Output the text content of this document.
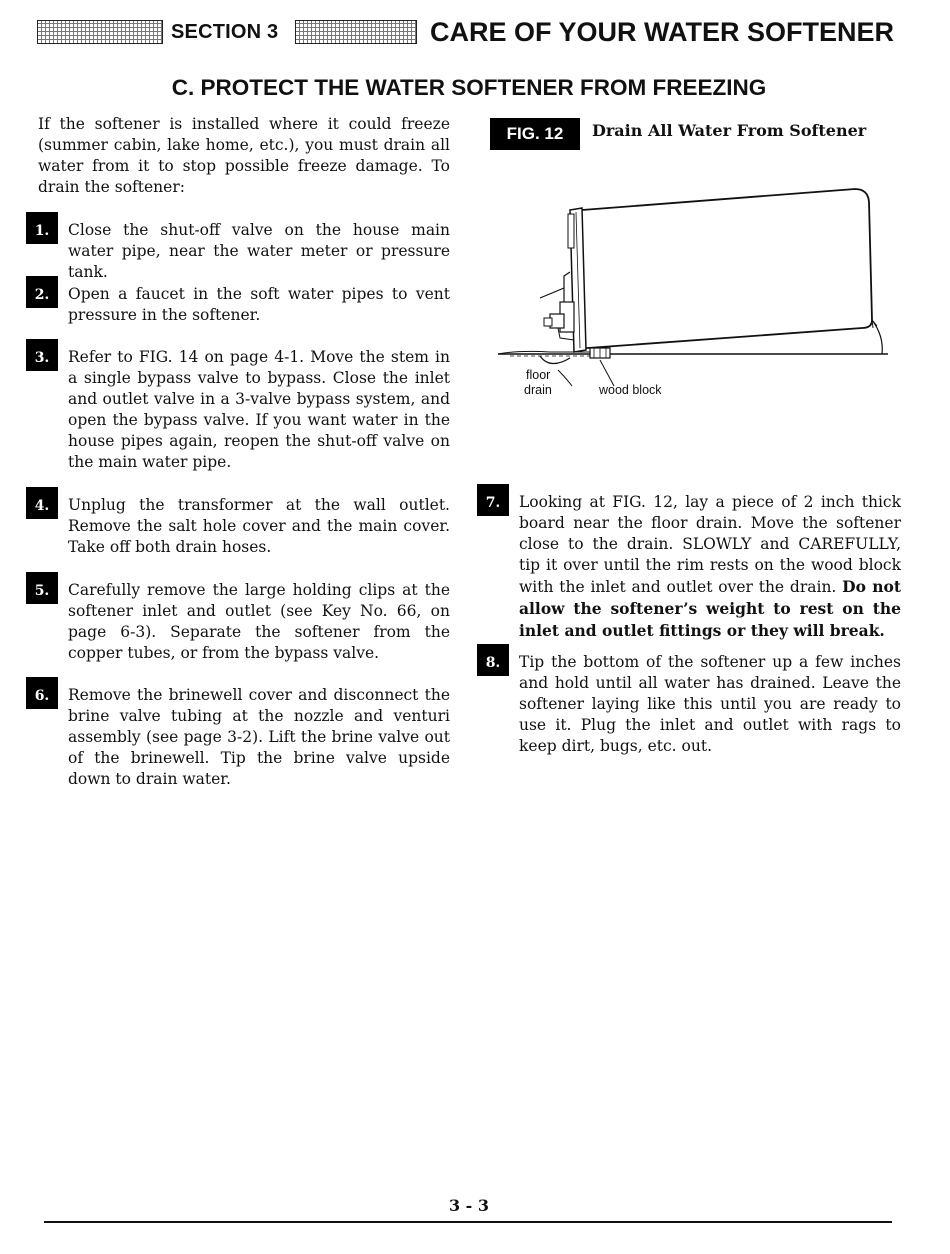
SECTION 3	CARE OF YOUR WATER SOFTENER
C. PROTECT THE WATER SOFTENER FROM FREEZING

If the softener is installed where it could freeze (summer cabin, lake home, etc.), you must drain all water from it to stop possible freeze damage. To drain the softener:

1.	Close the shut-off valve on the house main water pipe, near the water meter or pressure tank.

2.	Open a faucet in the soft water pipes to vent pressure in the softener.

3.	Refer to FIG. 14 on page 4-1. Move the stem in a single bypass valve to bypass. Close the inlet and outlet valve in a 3-valve bypass system, and open the bypass valve. If you want water in the house pipes again, reopen the shut-off valve on the main water pipe.

4.	Unplug the transformer at the wall outlet. Remove the salt hole cover and the main cover. Take off both drain hoses.

5.	Carefully remove the large holding clips at the softener inlet and outlet (see Key No. 66, on page 6-3). Separate the softener from the copper tubes, or from the bypass valve.

6.	Remove the brinewell cover and disconnect the brine valve tubing at the nozzle and venturi assembly (see page 3-2). Lift the brine valve out of the brinewell. Tip the brine valve upside down to drain water.

FIG. 12	Drain All Water From Softener
floor
drain	wood block
7.	Looking at FIG. 12, lay a piece of 2 inch thick board near the floor drain. Move the softener close to the drain. SLOWLY and CAREFULLY, tip it over until the rim rests on the wood block with the inlet and outlet over the drain. Do not allow the softener’s weight to rest on the inlet and outlet fittings or they will break.

8.	Tip the bottom of the softener up a few inches and hold until all water has drained. Leave the softener laying like this until you are ready to use it. Plug the inlet and outlet with rags to keep dirt, bugs, etc. out.

3 - 3
